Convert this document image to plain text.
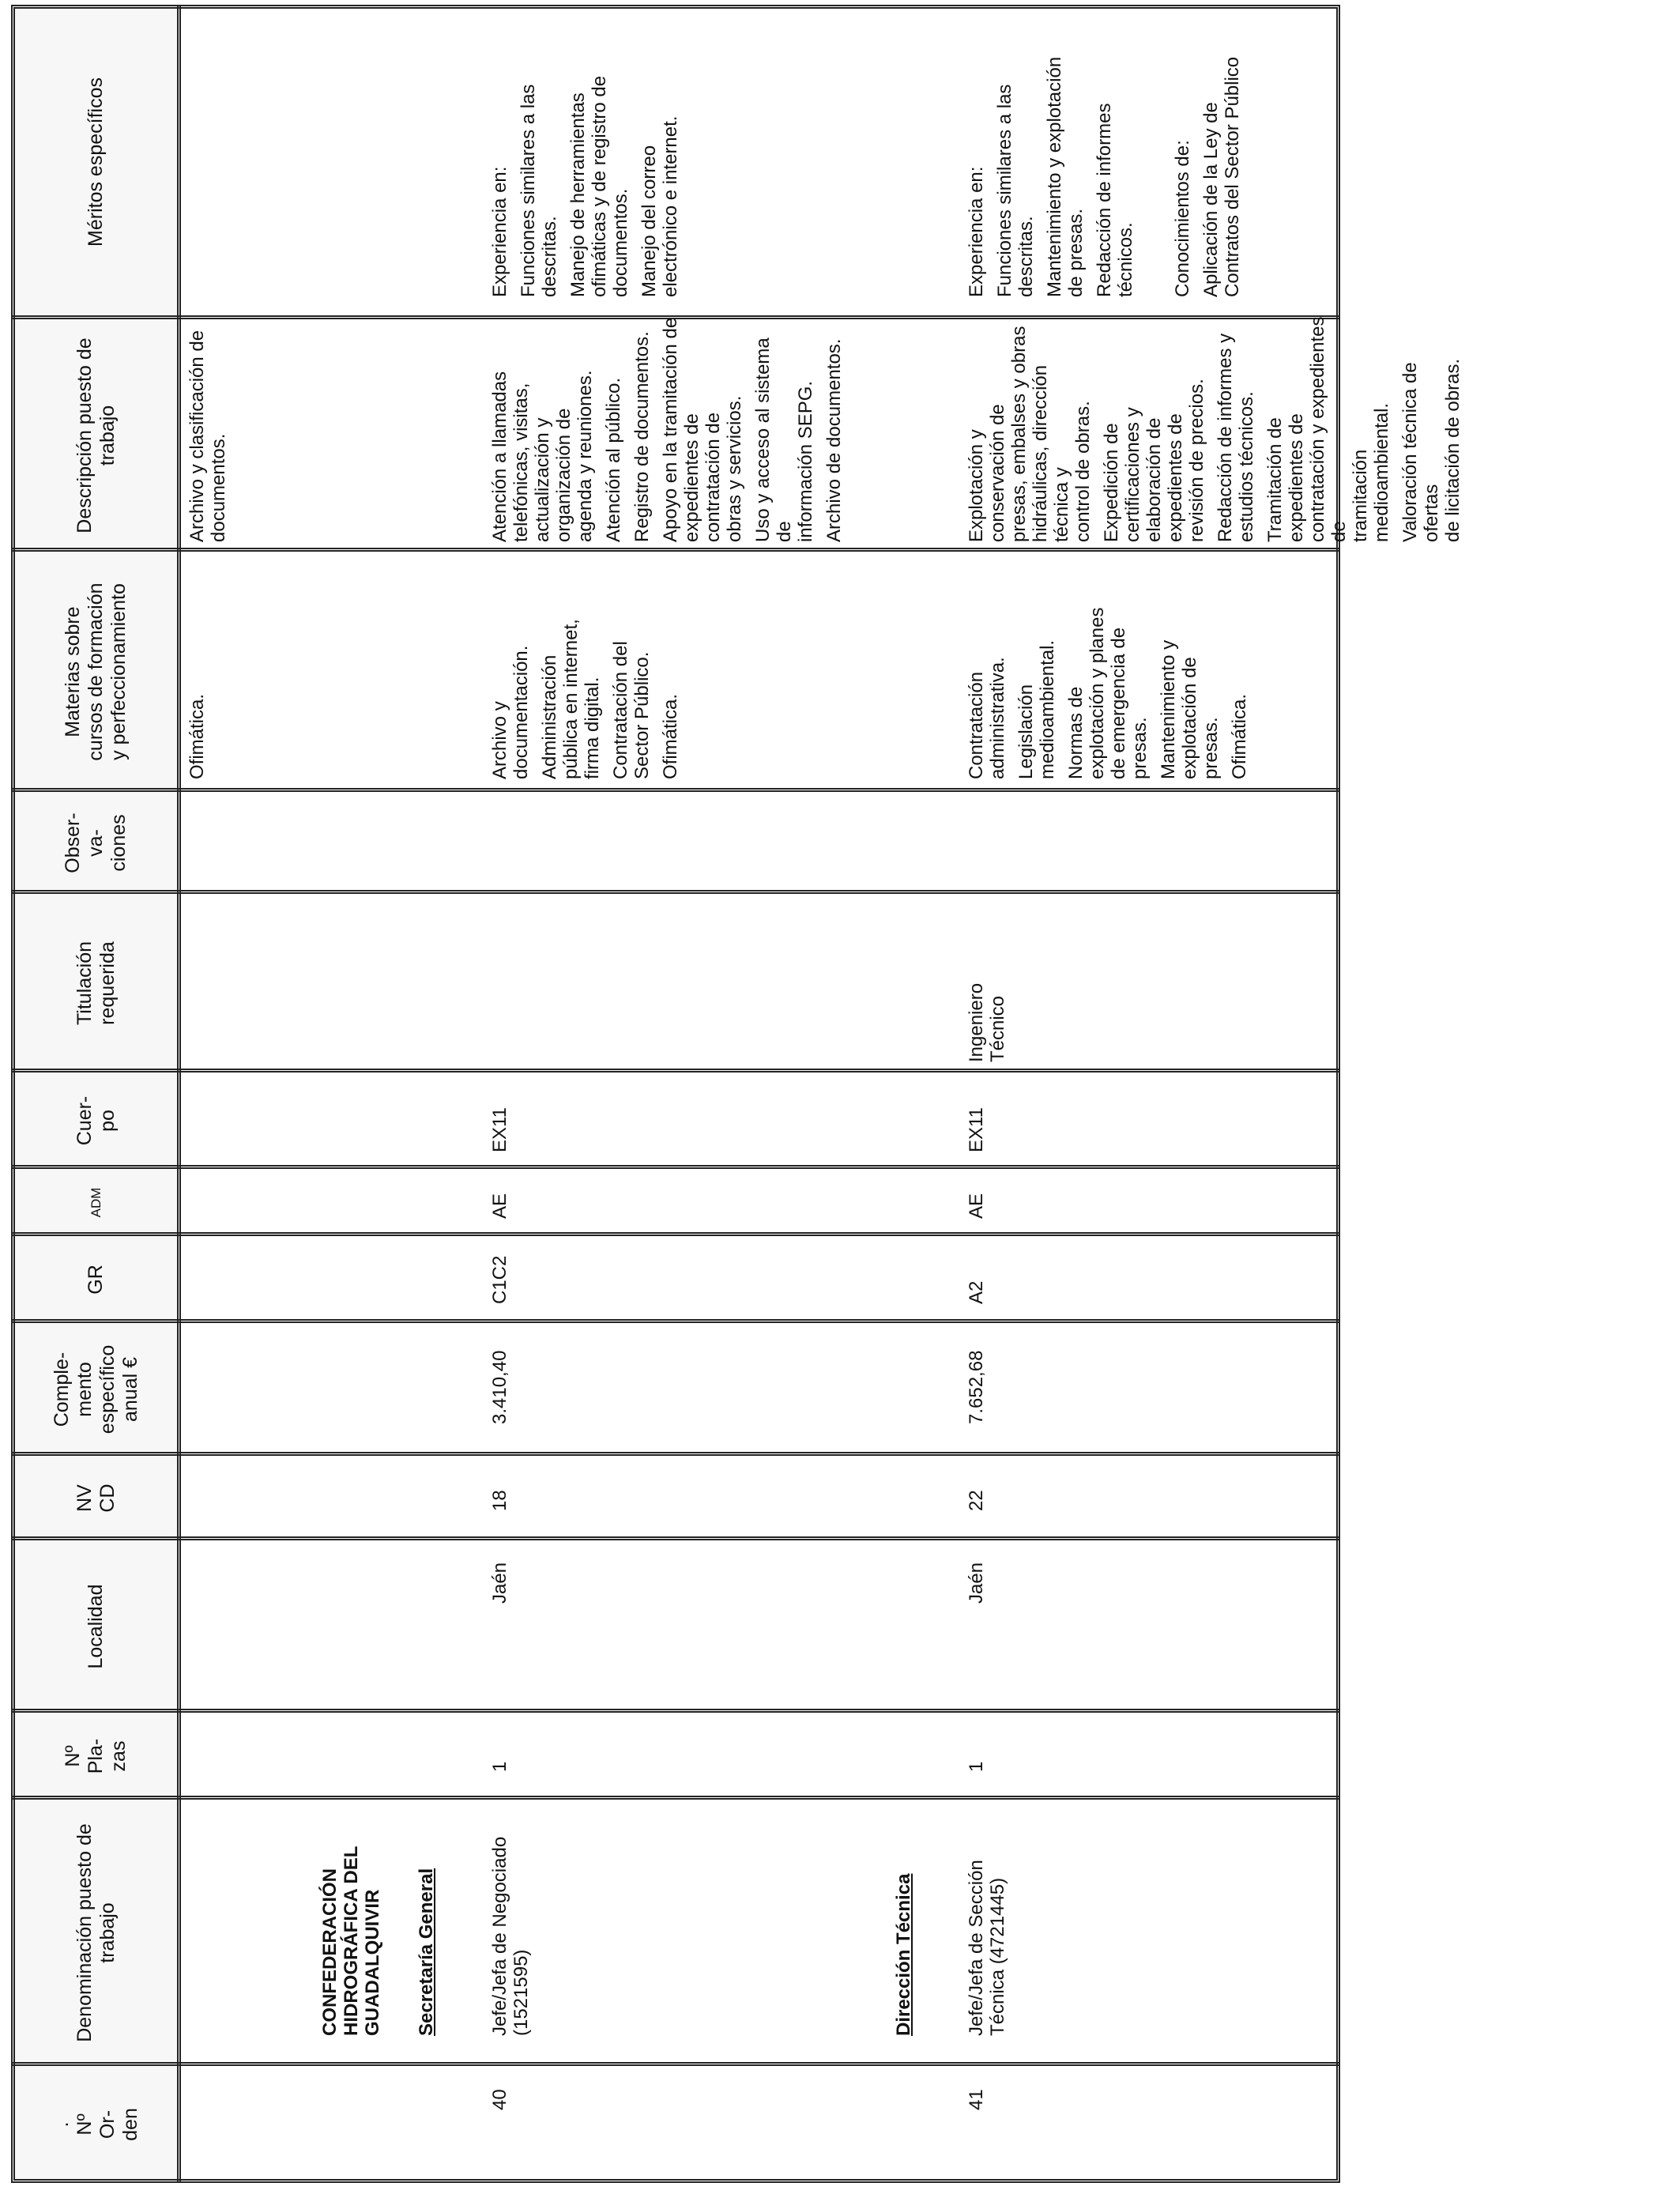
. Nº Or- den
Denominación puesto de trabajo
Nº Pla- zas
Localidad
NV CD
Comple- mento específico anual €
GR
ADM
Cuer- po
Titulación requerida
Obser- va- ciones
Materias sobre cursos de formación y perfeccionamiento
Descripción puesto de trabajo
Méritos específicos

Ofimática.

Archivo y clasificación de documentos.
CONFEDERACIÓN HIDROGRÁFICA DEL GUADALQUIVIR Secretaría General
40
Jefe/Jefa de Negociado (1521595)
1
Jaén
18
3.410,40
C1C2
AE
EX11

Archivo y documentación. Administración pública en internet, firma digital. Contratación del Sector Público. Ofimática.

Atención a llamadas telefónicas, visitas, actualización y organización de agenda y reuniones. Atención al público. Registro de documentos. Apoyo en la tramitación de expedientes de contratación de obras y servicios. Uso y acceso al sistema de información SEPG. Archivo de documentos.

Experiencia en: Funciones similares a las descritas. Manejo de herramientas ofimáticas y de registro de documentos. Manejo del correo electrónico e internet.

Dirección Técnica
41
Jefe/Jefa de Sección Técnica (4721445)
1
Jaén
22
7.652,68
A2
AE
EX11
Ingeniero Técnico

Contratación administrativa. Legislación medioambiental. Normas de explotación y planes de emergencia de presas. Mantenimiento y explotación de presas. Ofimática.

Explotación y conservación de presas, embalses y obras hidráulicas, dirección técnica y control de obras. Expedición de certificaciones y elaboración de expedientes de revisión de precios. Redacción de informes y estudios técnicos. Tramitación de expedientes de contratación y expedientes de tramitación medioambiental. Valoración técnica de ofertas de licitación de obras.

Experiencia en: Funciones similares a las descritas. Mantenimiento y explotación de presas. Redacción de informes técnicos.

Conocimientos de: Aplicación de la Ley de Contratos del Sector Público
